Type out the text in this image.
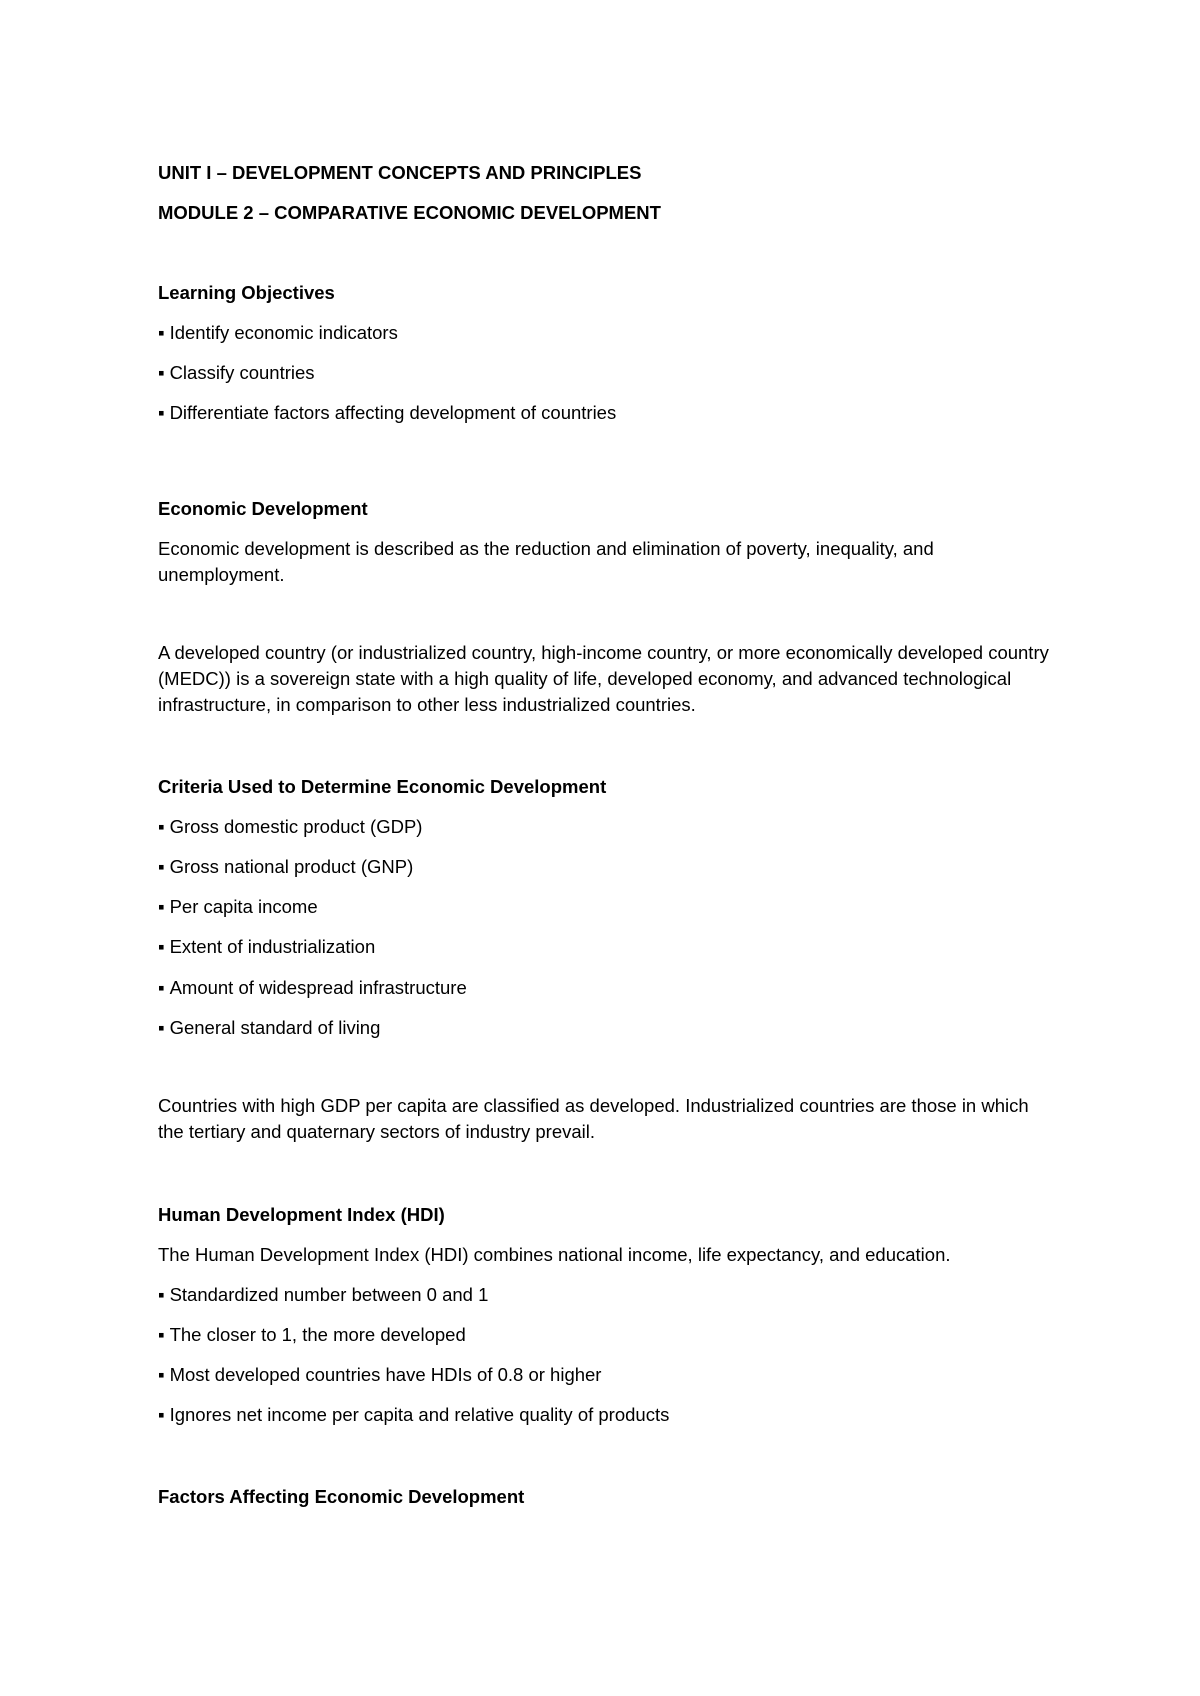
UNIT I – DEVELOPMENT CONCEPTS AND PRINCIPLES

MODULE 2 – COMPARATIVE ECONOMIC DEVELOPMENT

Learning Objectives

▪ Identify economic indicators
▪ Classify countries
▪ Differentiate factors affecting development of countries

Economic Development

Economic development is described as the reduction and elimination of poverty, inequality, and unemployment.

A developed country (or industrialized country, high-income country, or more economically developed country (MEDC)) is a sovereign state with a high quality of life, developed economy, and advanced technological infrastructure, in comparison to other less industrialized countries.

Criteria Used to Determine Economic Development

▪ Gross domestic product (GDP)
▪ Gross national product (GNP)
▪ Per capita income
▪ Extent of industrialization
▪ Amount of widespread infrastructure
▪ General standard of living

Countries with high GDP per capita are classified as developed. Industrialized countries are those in which the tertiary and quaternary sectors of industry prevail.

Human Development Index (HDI)

The Human Development Index (HDI) combines national income, life expectancy, and education.

▪ Standardized number between 0 and 1
▪ The closer to 1, the more developed
▪ Most developed countries have HDIs of 0.8 or higher
▪ Ignores net income per capita and relative quality of products

Factors Affecting Economic Development
